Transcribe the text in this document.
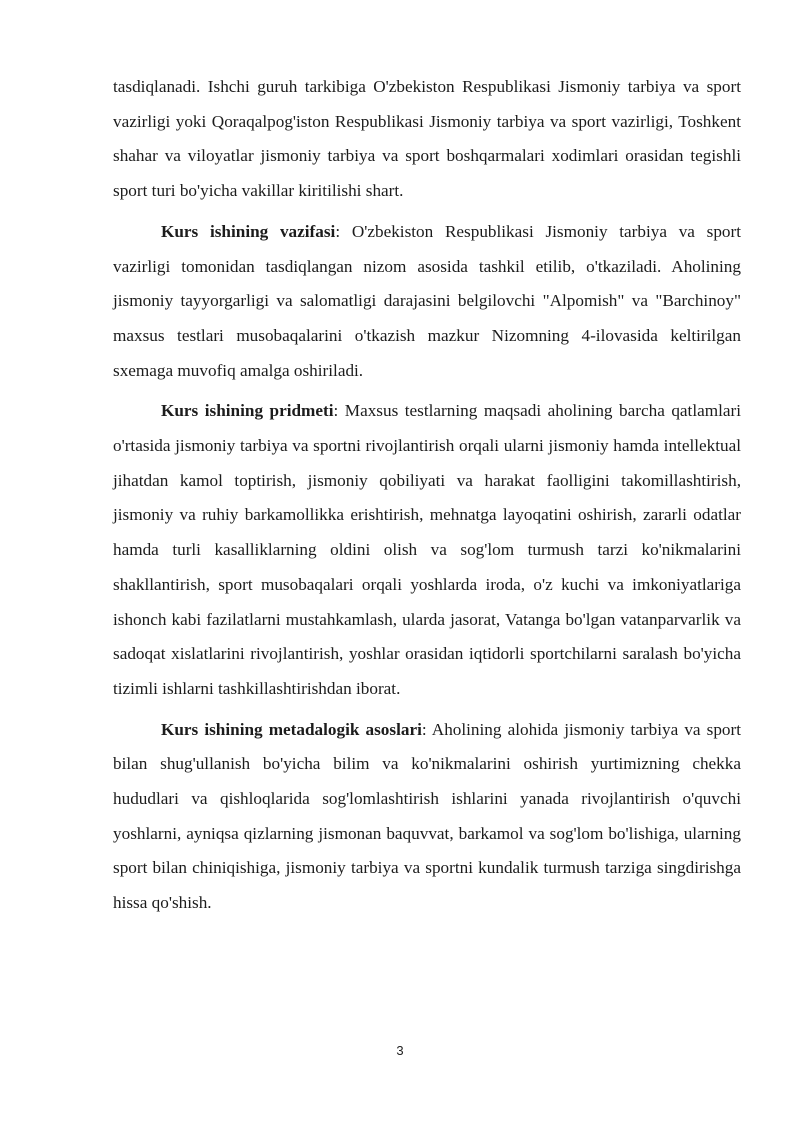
tasdiqlanadi. Ishchi guruh tarkibiga O'zbekiston Respublikasi Jismoniy tarbiya va sport vazirligi yoki Qoraqalpog'iston Respublikasi Jismoniy tarbiya va sport vazirligi, Toshkent shahar va viloyatlar jismoniy tarbiya va sport boshqarmalari xodimlari orasidan tegishli sport turi bo'yicha vakillar kiritilishi shart.

Kurs ishining vazifasi: O'zbekiston Respublikasi Jismoniy tarbiya va sport vazirligi tomonidan tasdiqlangan nizom asosida tashkil etilib, o'tkaziladi. Aholining jismoniy tayyorgarligi va salomatligi darajasini belgilovchi "Alpomish" va "Barchinoy" maxsus testlari musobaqalarini o'tkazish mazkur Nizomning 4-ilovasida keltirilgan sxemaga muvofiq amalga oshiriladi.

Kurs ishining pridmeti: Maxsus testlarning maqsadi aholining barcha qatlamlari o'rtasida jismoniy tarbiya va sportni rivojlantirish orqali ularni jismoniy hamda intellektual jihatdan kamol toptirish, jismoniy qobiliyati va harakat faolligini takomillashtirish, jismoniy va ruhiy barkamollikka erishtirish, mehnatga layoqatini oshirish, zararli odatlar hamda turli kasalliklarning oldini olish va sog'lom turmush tarzi ko'nikmalarini shakllantirish, sport musobaqalari orqali yoshlarda iroda, o'z kuchi va imkoniyatlariga ishonch kabi fazilatlarni mustahkamlash, ularda jasorat, Vatanga bo'lgan vatanparvarlik va sadoqat xislatlarini rivojlantirish, yoshlar orasidan iqtidorli sportchilarni saralash bo'yicha tizimli ishlarni tashkillashtirishdan iborat.

Kurs ishining metadalogik asoslari: Aholining alohida jismoniy tarbiya va sport bilan shug'ullanish bo'yicha bilim va ko'nikmalarini oshirish yurtimizning chekka hududlari va qishloqlarida sog'lomlashtirish ishlarini yanada rivojlantirish o'quvchi yoshlarni, ayniqsa qizlarning jismonan baquvvat, barkamol va sog'lom bo'lishiga, ularning sport bilan chiniqishiga, jismoniy tarbiya va sportni kundalik turmush tarziga singdirishga hissa qo'shish.

3
